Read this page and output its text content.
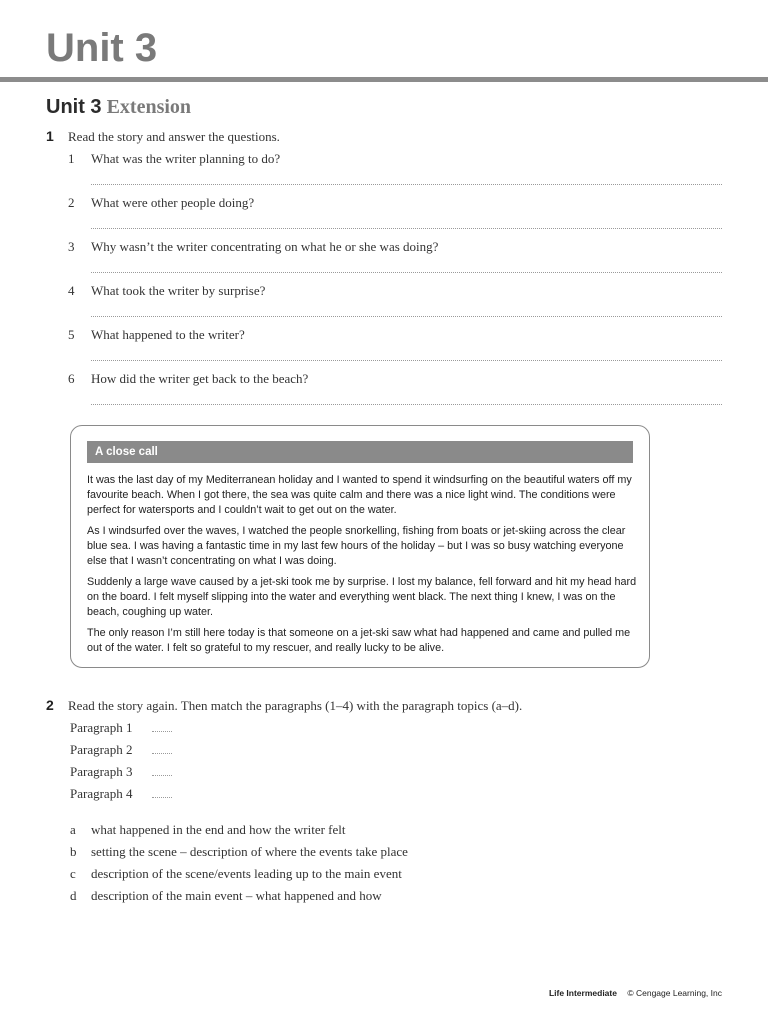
Unit 3
Unit 3 Extension
1 Read the story and answer the questions.
1 What was the writer planning to do?
2 What were other people doing?
3 Why wasn’t the writer concentrating on what he or she was doing?
4 What took the writer by surprise?
5 What happened to the writer?
6 How did the writer get back to the beach?
A close call

It was the last day of my Mediterranean holiday and I wanted to spend it windsurfing on the beautiful waters off my favourite beach. When I got there, the sea was quite calm and there was a nice light wind. The conditions were perfect for watersports and I couldn’t wait to get out on the water.

As I windsurfed over the waves, I watched the people snorkelling, fishing from boats or jet-skiing across the clear blue sea. I was having a fantastic time in my last few hours of the holiday – but I was so busy watching everyone else that I wasn’t concentrating on what I was doing.

Suddenly a large wave caused by a jet-ski took me by surprise. I lost my balance, fell forward and hit my head hard on the board. I felt myself slipping into the water and everything went black. The next thing I knew, I was on the beach, coughing up water.

The only reason I’m still here today is that someone on a jet-ski saw what had happened and came and pulled me out of the water. I felt so grateful to my rescuer, and really lucky to be alive.

2 Read the story again. Then match the paragraphs (1–4) with the paragraph topics (a–d).
Paragraph 1
Paragraph 2
Paragraph 3
Paragraph 4
a what happened in the end and how the writer felt
b setting the scene – description of where the events take place
c description of the scene/events leading up to the main event
d description of the main event – what happened and how
Life Intermediate © Cengage Learning, Inc
